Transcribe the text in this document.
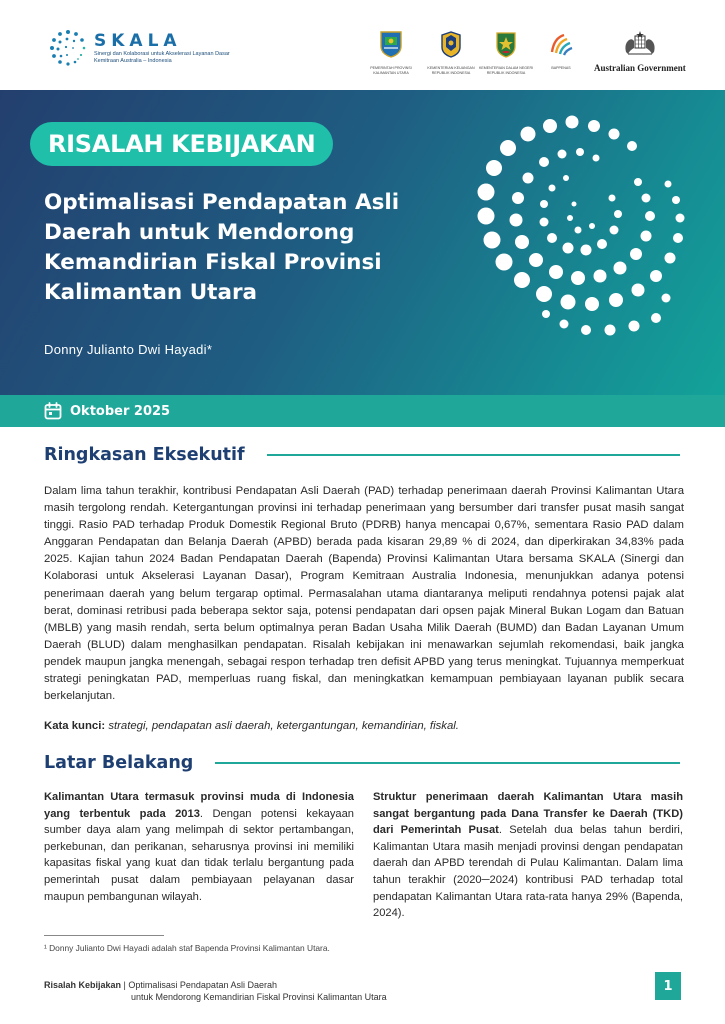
SKALA
Sinergi dan Kolaborasi untuk Akselerasi Layanan Dasar
Kemitraan Australia – Indonesia
PEMERINTAH PROVINSI KALIMANTAN UTARA
KEMENTERIAN KEUANGAN REPUBLIK INDONESIA
KEMENTERIAN DALAM NEGERI REPUBLIK INDONESIA
BAPPENAS	Australian Government
RISALAH KEBIJAKAN
Optimalisasi Pendapatan Asli Daerah untuk Mendorong Kemandirian Fiskal Provinsi Kalimantan Utara
Donny Julianto Dwi Hayadi*
Oktober 2025
Ringkasan Eksekutif
Dalam lima tahun terakhir, kontribusi Pendapatan Asli Daerah (PAD) terhadap penerimaan daerah Provinsi Kalimantan Utara masih tergolong rendah. Ketergantungan provinsi ini terhadap penerimaan yang bersumber dari transfer pusat masih sangat tinggi. Rasio PAD terhadap Produk Domestik Regional Bruto (PDRB) hanya mencapai 0,67%, sementara Rasio PAD dalam Anggaran Pendapatan dan Belanja Daerah (APBD) berada pada kisaran 29,89 % di 2024, dan diperkirakan 34,83% pada 2025. Kajian tahun 2024 Badan Pendapatan Daerah (Bapenda) Provinsi Kalimantan Utara bersama SKALA (Sinergi dan Kolaborasi untuk Akselerasi Layanan Dasar), Program Kemitraan Australia Indonesia, menunjukkan adanya potensi penerimaan daerah yang belum tergarap optimal. Permasalahan utama diantaranya meliputi rendahnya potensi pajak alat berat, dominasi retribusi pada beberapa sektor saja, potensi pendapatan dari opsen pajak Mineral Bukan Logam dan Batuan (MBLB) yang masih rendah, serta belum optimalnya peran Badan Usaha Milik Daerah (BUMD) dan Badan Layanan Umum Daerah (BLUD) dalam menghasilkan pendapatan. Risalah kebijakan ini menawarkan sejumlah rekomendasi, baik jangka pendek maupun jangka menengah, sebagai respon terhadap tren defisit APBD yang terus meningkat. Tujuannya memperkuat strategi peningkatan PAD, memperluas ruang fiskal, dan meningkatkan kemampuan pembiayaan layanan publik secara berkelanjutan.
Kata kunci: strategi, pendapatan asli daerah, ketergantungan, kemandirian, fiskal.
Latar Belakang
Kalimantan Utara termasuk provinsi muda di Indonesia yang terbentuk pada 2013. Dengan potensi kekayaan sumber daya alam yang melimpah di sektor pertambangan, perkebunan, dan perikanan, seharusnya provinsi ini memiliki kapasitas fiskal yang kuat dan tidak terlalu bergantung pada pemerintah pusat dalam pembiayaan pelayanan dasar maupun pembangunan wilayah.
Struktur penerimaan daerah Kalimantan Utara masih sangat bergantung pada Dana Transfer ke Daerah (TKD) dari Pemerintah Pusat. Setelah dua belas tahun berdiri, Kalimantan Utara masih menjadi provinsi dengan pendapatan daerah dan APBD terendah di Pulau Kalimantan. Dalam lima tahun terakhir (2020─2024) kontribusi PAD terhadap total pendapatan Kalimantan Utara rata-rata hanya 29% (Bapenda, 2024).
¹ Donny Julianto Dwi Hayadi adalah staf Bapenda Provinsi Kalimantan Utara.
Risalah Kebijakan | Optimalisasi Pendapatan Asli Daerah
untuk Mendorong Kemandirian Fiskal Provinsi Kalimantan Utara
1
